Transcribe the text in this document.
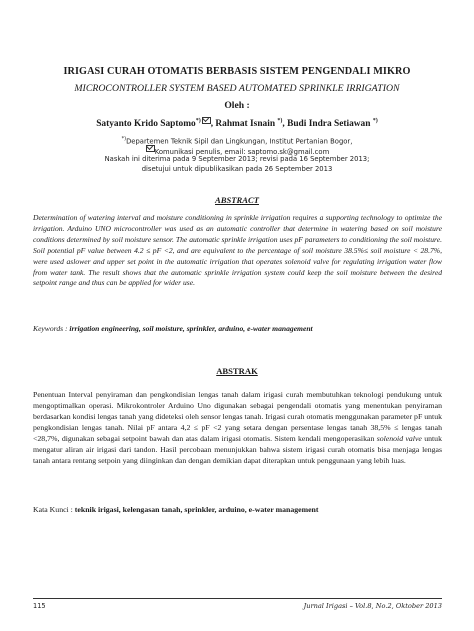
IRIGASI CURAH OTOMATIS BERBASIS SISTEM PENGENDALI MIKRO
MICROCONTROLLER SYSTEM BASED AUTOMATED SPRINKLE IRRIGATION
Oleh :
Satyanto Krido Saptomo*) , Rahmat Isnain *), Budi Indra Setiawan *)
*)Departemen Teknik Sipil dan Lingkungan, Institut Pertanian Bogor,
Komunikasi penulis, email: saptomo.sk@gmail.com
Naskah ini diterima pada 9 September 2013; revisi pada 16 September 2013;
disetujui untuk dipublikasikan pada 26 September 2013
ABSTRACT
Determination of watering interval and moisture conditioning in sprinkle irrigation requires a supporting technology to optimize the irrigation. Arduino UNO microcontroller was used as an automatic controller that determine in watering based on soil moisture conditions determined by soil moisture sensor. The automatic sprinkle irrigation uses pF parameters to conditioning the soil moisture. Soil potential pF value between 4.2 ≤ pF <2, and are equivalent to the percentage of soil moisture 38.5%≤ soil moisture < 28.7%, were used aslower and upper set point in the automatic irrigation that operates solenoid valve for regulating irrigation water flow from water tank. The result shows that the automatic sprinkle irrigation system could keep the soil moisture between the desired setpoint range and thus can be applied for wider use.
Keywords : irrigation engineering, soil moisture, sprinkler, arduino, e-water management
ABSTRAK
Penentuan Interval penyiraman dan pengkondisian lengas tanah dalam irigasi curah membutuhkan teknologi pendukung untuk mengoptimalkan operasi. Mikrokontroler Arduino Uno digunakan sebagai pengendali otomatis yang menentukan penyiraman berdasarkan kondisi lengas tanah yang dideteksi oleh sensor lengas tanah. Irigasi curah otomatis menggunakan parameter pF untuk pengkondisian lengas tanah. Nilai pF antara 4,2 ≤ pF <2 yang setara dengan persentase lengas tanah 38,5% ≤ lengas tanah <28,7%, digunakan sebagai setpoint bawah dan atas dalam irigasi otomatis. Sistem kendali mengoperasikan solenoid valve untuk mengatur aliran air irigasi dari tandon. Hasil percobaan menunjukkan bahwa sistem irigasi curah otomatis bisa menjaga lengas tanah antara rentang setpoin yang diinginkan dan dengan demikian dapat diterapkan untuk penggunaan yang lebih luas.
Kata Kunci : teknik irigasi, kelengasan tanah, sprinkler, arduino, e-water management
115	Jurnal Irigasi – Vol.8, No.2, Oktober 2013
